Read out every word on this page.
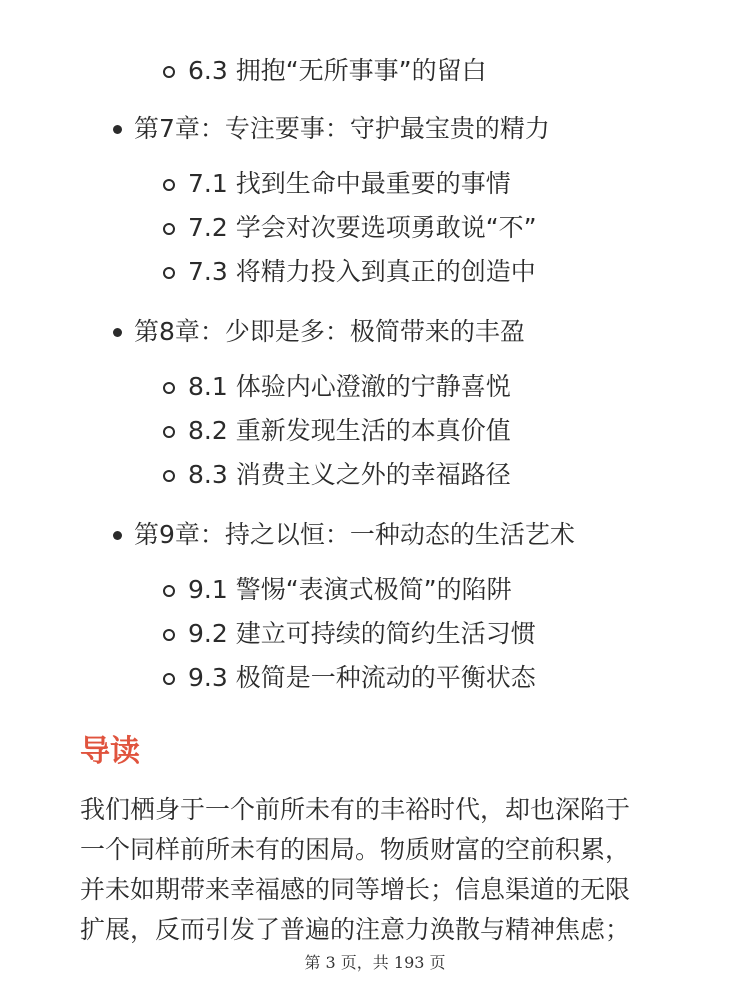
6.3 拥抱“无所事事”的留白
第7章：专注要事：守护最宝贵的精力
7.1 找到生命中最重要的事情
7.2 学会对次要选项勇敢说“不”
7.3 将精力投入到真正的创造中
第8章：少即是多：极简带来的丰盈
8.1 体验内心澄澈的宁静喜悦
8.2 重新发现生活的本真价值
8.3 消费主义之外的幸福路径
第9章：持之以恒：一种动态的生活艺术
9.1 警惕“表演式极简”的陷阱
9.2 建立可持续的简约生活习惯
9.3 极简是一种流动的平衡状态
导读
我们栖身于一个前所未有的丰裕时代，却也深陷于
一个同样前所未有的困局。物质财富的空前积累，
并未如期带来幸福感的同等增长；信息渠道的无限
扩展，反而引发了普遍的注意力涣散与精神焦虑；
第 3 页，共 193 页
